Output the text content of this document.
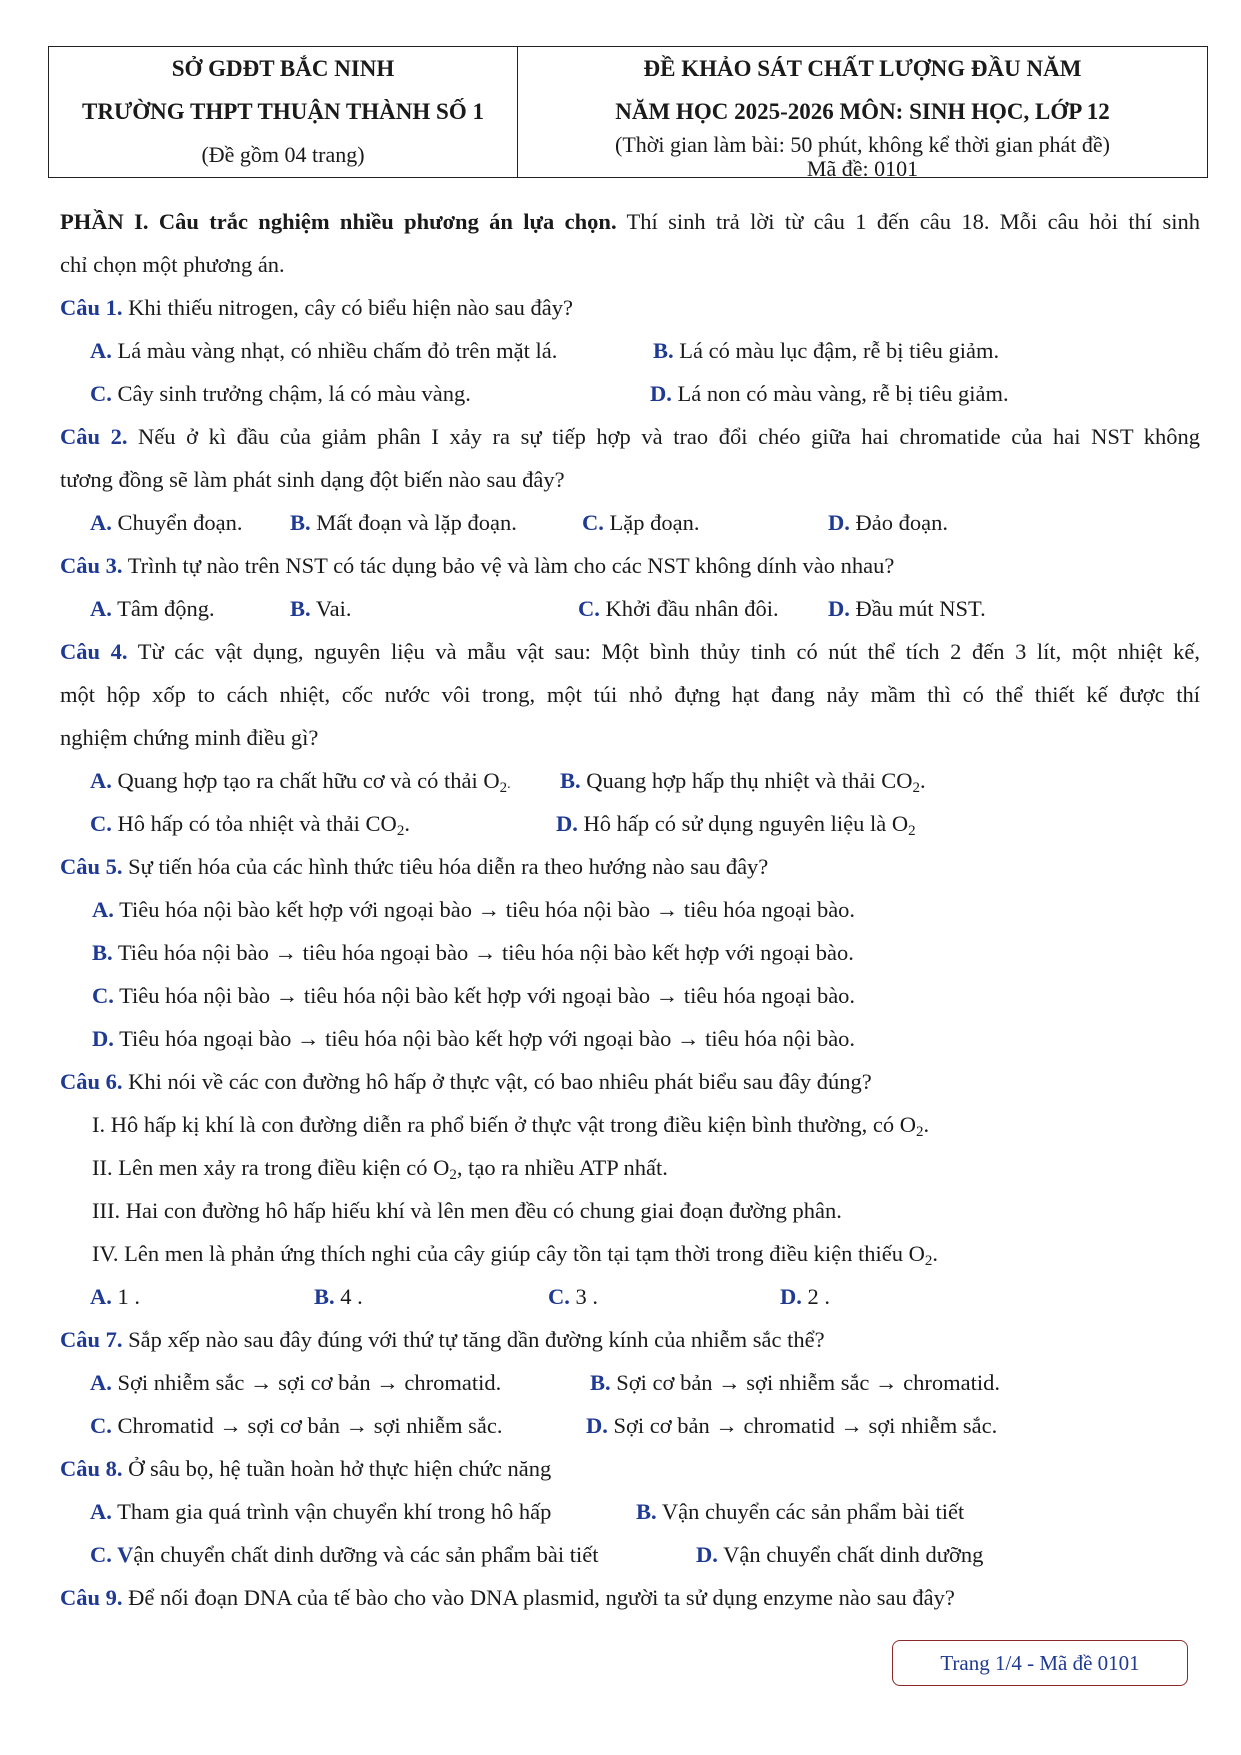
SỞ GDĐT BẮC NINH
TRƯỜNG THPT THUẬN THÀNH SỐ 1
(Đề gồm 04 trang)
ĐỀ KHẢO SÁT CHẤT LƯỢNG ĐẦU NĂM
NĂM HỌC 2025-2026 MÔN: SINH HỌC, LỚP 12
(Thời gian làm bài: 50 phút, không kể thời gian phát đề)
Mã đề: 0101
PHẦN I. Câu trắc nghiệm nhiều phương án lựa chọn. Thí sinh trả lời từ câu 1 đến câu 18. Mỗi câu hỏi thí sinh
chỉ chọn một phương án.
Câu 1. Khi thiếu nitrogen, cây có biểu hiện nào sau đây?
A. Lá màu vàng nhạt, có nhiều chấm đỏ trên mặt lá.	B. Lá có màu lục đậm, rễ bị tiêu giảm.
C. Cây sinh trưởng chậm, lá có màu vàng.	D. Lá non có màu vàng, rễ bị tiêu giảm.
Câu 2. Nếu ở kì đầu của giảm phân I xảy ra sự tiếp hợp và trao đổi chéo giữa hai chromatide của hai NST không
tương đồng sẽ làm phát sinh dạng đột biến nào sau đây?
A. Chuyển đoạn. B. Mất đoạn và lặp đoạn.	C. Lặp đoạn.	D. Đảo đoạn.
Câu 3. Trình tự nào trên NST có tác dụng bảo vệ và làm cho các NST không dính vào nhau?
A. Tâm động.	B. Vai.	C. Khởi đầu nhân đôi. D. Đầu mút NST.
Câu 4. Từ các vật dụng, nguyên liệu và mẫu vật sau: Một bình thủy tinh có nút thể tích 2 đến 3 lít, một nhiệt kế,
một hộp xốp to cách nhiệt, cốc nước vôi trong, một túi nhỏ đựng hạt đang nảy mầm thì có thể thiết kế được thí
nghiệm chứng minh điều gì?
A. Quang hợp tạo ra chất hữu cơ và có thải $O_2$. B. Quang hợp hấp thụ nhiệt và thải $CO_2$.
C. Hô hấp có tỏa nhiệt và thải $CO_2$.	D. Hô hấp có sử dụng nguyên liệu là $O_2$
Câu 5. Sự tiến hóa của các hình thức tiêu hóa diễn ra theo hướng nào sau đây?
A. Tiêu hóa nội bào kết hợp với ngoại bào → tiêu hóa nội bào → tiêu hóa ngoại bào.
B. Tiêu hóa nội bào → tiêu hóa ngoại bào → tiêu hóa nội bào kết hợp với ngoại bào.
C. Tiêu hóa nội bào → tiêu hóa nội bào kết hợp với ngoại bào → tiêu hóa ngoại bào.
D. Tiêu hóa ngoại bào → tiêu hóa nội bào kết hợp với ngoại bào → tiêu hóa nội bào.
Câu 6. Khi nói về các con đường hô hấp ở thực vật, có bao nhiêu phát biểu sau đây đúng?
I. Hô hấp kị khí là con đường diễn ra phổ biến ở thực vật trong điều kiện bình thường, có $O_2$.
II. Lên men xảy ra trong điều kiện có $O_2$, tạo ra nhiều ATP nhất.
III. Hai con đường hô hấp hiếu khí và lên men đều có chung giai đoạn đường phân.
IV. Lên men là phản ứng thích nghi của cây giúp cây tồn tại tạm thời trong điều kiện thiếu $O_2$.
A. 1 .	B. 4 .	C. 3 .	D. 2 .
Câu 7. Sắp xếp nào sau đây đúng với thứ tự tăng dần đường kính của nhiễm sắc thể?
A. Sợi nhiễm sắc → sợi cơ bản → chromatid.	B. Sợi cơ bản → sợi nhiễm sắc → chromatid.
C. Chromatid → sợi cơ bản → sợi nhiễm sắc.	D. Sợi cơ bản → chromatid → sợi nhiễm sắc.
Câu 8. Ở sâu bọ, hệ tuần hoàn hở thực hiện chức năng
A. Tham gia quá trình vận chuyển khí trong hô hấp	B. Vận chuyển các sản phẩm bài tiết
C. Vận chuyển chất dinh dưỡng và các sản phẩm bài tiết	D. Vận chuyển chất dinh dưỡng
Câu 9. Để nối đoạn DNA của tế bào cho vào DNA plasmid, người ta sử dụng enzyme nào sau đây?
Trang 1/4 - Mã đề 0101
